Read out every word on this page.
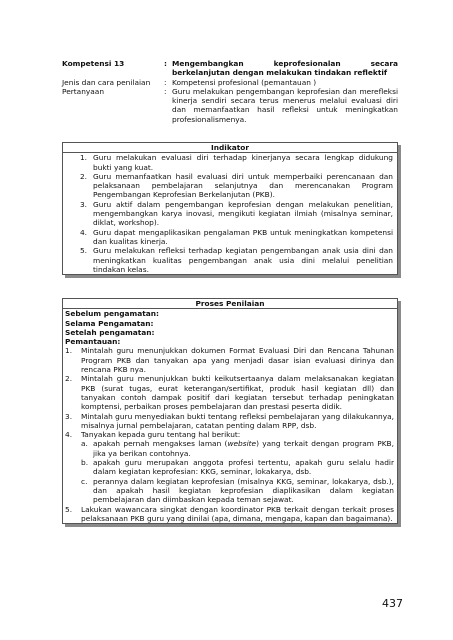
Kompetensi 13	: Mengembangkan keprofesionalan secara berkelanjutan dengan melakukan tindakan reflektif
Jenis dan cara penilaian	: Kompetensi profesional (pemantauan )
Pertanyaan	: Guru melakukan pengembangan keprofesian dan merefleksi kinerja sendiri secara terus menerus melalui evaluasi diri dan memanfaatkan hasil refleksi untuk meningkatkan profesionalismenya.
Indikator
1. Guru melakukan evaluasi diri terhadap kinerjanya secara lengkap didukung bukti yang kuat.
2. Guru memanfaatkan hasil evaluasi diri untuk memperbaiki perencanaan dan pelaksanaan pembelajaran selanjutnya dan merencanakan Program Pengembangan Keprofesian Berkelanjutan (PKB).
3. Guru aktif dalam pengembangan keprofesian dengan melakukan penelitian, mengembangkan karya inovasi, mengikuti kegiatan ilmiah (misalnya seminar, diklat, workshop).
4. Guru dapat mengaplikasikan pengalaman PKB untuk meningkatkan kompetensi dan kualitas kinerja.
5. Guru melakukan refleksi terhadap kegiatan pengembangan anak usia dini dan meningkatkan kualitas pengembangan anak usia dini melalui penelitian tindakan kelas.
Proses Penilaian
Sebelum pengamatan:
Selama Pengamatan:
Setelah pengamatan:
Pemantauan:
1.	Mintalah guru menunjukkan dokumen Format Evaluasi Diri dan Rencana Tahunan Program PKB dan tanyakan apa yang menjadi dasar isian evaluasi dirinya dan rencana PKB nya.
2.	Mintalah guru menunjukkan bukti keikutsertaanya dalam melaksanakan kegiatan PKB (surat tugas, eurat keterangan/sertifikat, produk hasil kegiatan dll) dan tanyakan contoh dampak positif dari kegiatan tersebut terhadap peningkatan komptensi, perbaikan proses pembelajaran dan prestasi peserta didik.
3.	Mintalah guru menyediakan bukti tentang refleksi pembelajaran yang dilakukannya, misalnya jurnal pembelajaran, catatan penting dalam RPP, dsb.
4.	Tanyakan kepada guru tentang hal berikut:
a. apakah pernah mengakses laman (website) yang terkait dengan program PKB, jika ya berikan contohnya.
b. apakah guru merupakan anggota profesi tertentu, apakah guru selalu hadir dalam kegiatan keprofesian: KKG, seminar, lokakarya, dsb.
c. perannya dalam kegiatan keprofesian (misalnya KKG, seminar, lokakarya, dsb.), dan apakah hasil kegiatan keprofesian diaplikasikan dalam kegiatan pembelajaran dan diimbaskan kepada teman sejawat.
5.	Lakukan wawancara singkat dengan koordinator PKB terkait dengan terkait proses pelaksanaan PKB guru yang dinilai (apa, dimana, mengapa, kapan dan bagaimana).
437
